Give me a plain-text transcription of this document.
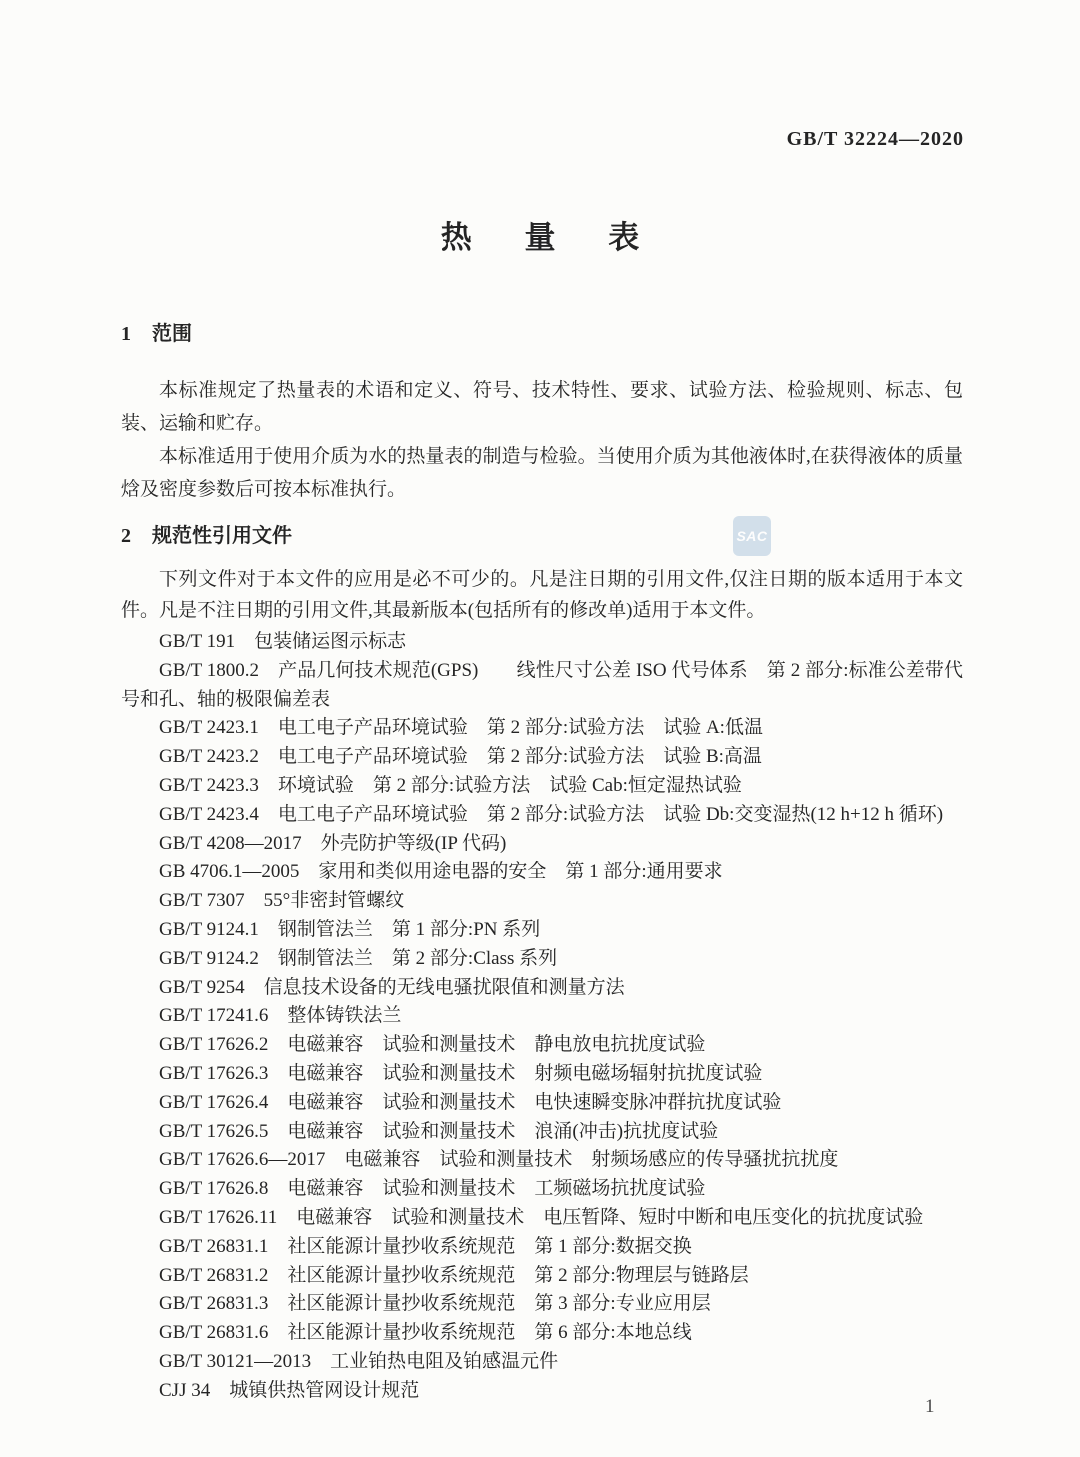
GB/T 32224—2020
热　量　表
SAC
1 范围

本标准规定了热量表的术语和定义、符号、技术特性、要求、试验方法、检验规则、标志、包装、运输和贮存。

本标准适用于使用介质为水的热量表的制造与检验。当使用介质为其他液体时,在获得液体的质量焓及密度参数后可按本标准执行。

2 规范性引用文件

下列文件对于本文件的应用是必不可少的。凡是注日期的引用文件,仅注日期的版本适用于本文件。凡是不注日期的引用文件,其最新版本(包括所有的修改单)适用于本文件。

GB/T 191　包装储运图示标志
GB/T 1800.2　产品几何技术规范(GPS)　　线性尺寸公差 ISO 代号体系　第 2 部分:标准公差带代号和孔、轴的极限偏差表
GB/T 2423.1　电工电子产品环境试验　第 2 部分:试验方法　试验 A:低温
GB/T 2423.2　电工电子产品环境试验　第 2 部分:试验方法　试验 B:高温
GB/T 2423.3　环境试验　第 2 部分:试验方法　试验 Cab:恒定湿热试验
GB/T 2423.4　电工电子产品环境试验　第 2 部分:试验方法　试验 Db:交变湿热(12 h+12 h 循环)
GB/T 4208—2017　外壳防护等级(IP 代码)
GB 4706.1—2005　家用和类似用途电器的安全　第 1 部分:通用要求
GB/T 7307　55°非密封管螺纹
GB/T 9124.1　钢制管法兰　第 1 部分:PN 系列
GB/T 9124.2　钢制管法兰　第 2 部分:Class 系列
GB/T 9254　信息技术设备的无线电骚扰限值和测量方法
GB/T 17241.6　整体铸铁法兰
GB/T 17626.2　电磁兼容　试验和测量技术　静电放电抗扰度试验
GB/T 17626.3　电磁兼容　试验和测量技术　射频电磁场辐射抗扰度试验
GB/T 17626.4　电磁兼容　试验和测量技术　电快速瞬变脉冲群抗扰度试验
GB/T 17626.5　电磁兼容　试验和测量技术　浪涌(冲击)抗扰度试验
GB/T 17626.6—2017　电磁兼容　试验和测量技术　射频场感应的传导骚扰抗扰度
GB/T 17626.8　电磁兼容　试验和测量技术　工频磁场抗扰度试验
GB/T 17626.11　电磁兼容　试验和测量技术　电压暂降、短时中断和电压变化的抗扰度试验
GB/T 26831.1　社区能源计量抄收系统规范　第 1 部分:数据交换
GB/T 26831.2　社区能源计量抄收系统规范　第 2 部分:物理层与链路层
GB/T 26831.3　社区能源计量抄收系统规范　第 3 部分:专业应用层
GB/T 26831.6　社区能源计量抄收系统规范　第 6 部分:本地总线
GB/T 30121—2013　工业铂热电阻及铂感温元件
CJJ 34　城镇供热管网设计规范
1
